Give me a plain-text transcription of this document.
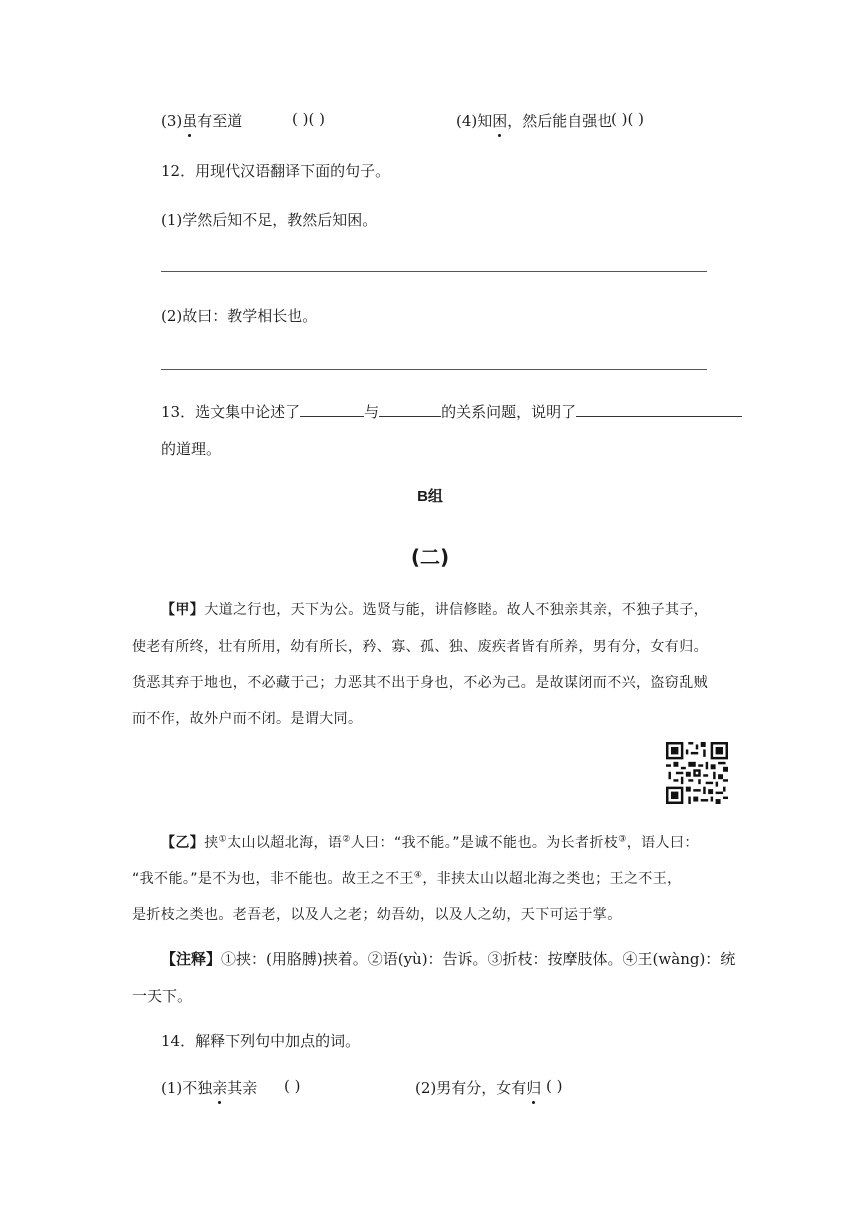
(3)虽有至道	( )( )	(4)知困，然后能自强也
( )( )
12．用现代汉语翻译下面的句子。
(1)学然后知不足，教然后知困。
(2)故曰：教学相长也。
13．选文集中论述了	与	的关系问题，说明了
的道理。
B组
(二)
【甲】大道之行也，天下为公。选贤与能，讲信修睦。故人不独亲其亲，不独子其子，
使老有所终，壮有所用，幼有所长，矜、寡、孤、独、废疾者皆有所养，男有分，女有归。
货恶其弃于地也，不必藏于己；力恶其不出于身也，不必为己。是故谋闭而不兴，盗窃乱贼
而不作，故外户而不闭。是谓大同。
【乙】挟①太山以超北海，语②人曰：“我不能。”是诚不能也。为长者折枝③，语人曰：
“我不能。”是不为也，非不能也。故王之不王④，非挟太山以超北海之类也；王之不王，
是折枝之类也。老吾老，以及人之老；幼吾幼，以及人之幼，天下可运于掌。
【注释】①挟：(用胳膊)挟着。②语(yù)：告诉。③折枝：按摩肢体。④王(wàng)：统
一天下。
14．解释下列句中加点的词。
(1)不独亲其亲 ( )	(2)男有分，女有归 ( )
